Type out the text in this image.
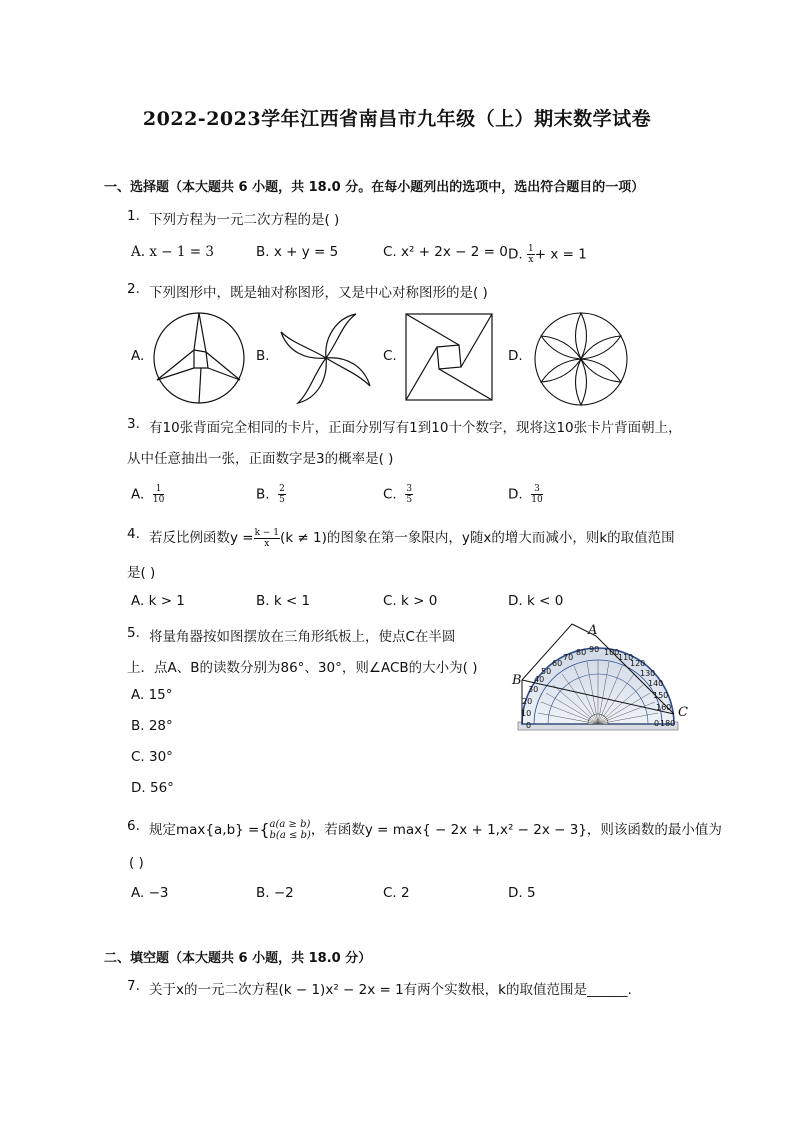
2022-2023学年江西省南昌市九年级（上）期末数学试卷
一、选择题（本大题共 6 小题，共 18.0 分。在每小题列出的选项中，选出符合题目的一项）
1. 下列方程为一元二次方程的是( )
A. x − 1 = 3	B. x + y = 5	C. x² + 2x − 2 = 0 D. $\frac{1}{x} + x = 1$
2. 下列图形中，既是轴对称图形，又是中心对称图形的是( )
A.	B.	C.	D.
3. 有10张背面完全相同的卡片，正面分别写有1到10十个数字，现将这10张卡片背面朝上，
从中任意抽出一张，正面数字是3的概率是( )
A. $\frac{1}{10}$	B. $\frac{2}{5}$	C. $\frac{3}{5}$	D. $\frac{3}{10}$
4. 若反比例函数$y = \frac{k - 1}{x} (k \ne 1)$的图象在第一象限内，y随x的增大而减小，则k的取值范围
是( )
A. k > 1	B. k < 1	C. k > 0	D. k < 0
5. 将量角器按如图摆放在三角形纸板上，使点C在半圆
上．点A、B的读数分别为86°、30°，则∠ACB的大小为( )
A. 15°
B. 28°
C. 30°
D. 56°
0
10
20
30
40
50
60
70
80 90 100
110
120
130
140
150
160
0 180
A
B
C
6. 规定max{a,b} ={ a(a ≥ b)
b(a ≤ b) ，若函数y = max{ − 2x + 1,x² − 2x − 3}，则该函数的最小值为
( )
A. −3	B. −2	C. 2	D. 5
二、填空题（本大题共 6 小题，共 18.0 分）
7. 关于x的一元二次方程(k − 1)x² − 2x = 1有两个实数根，k的取值范围是______.
